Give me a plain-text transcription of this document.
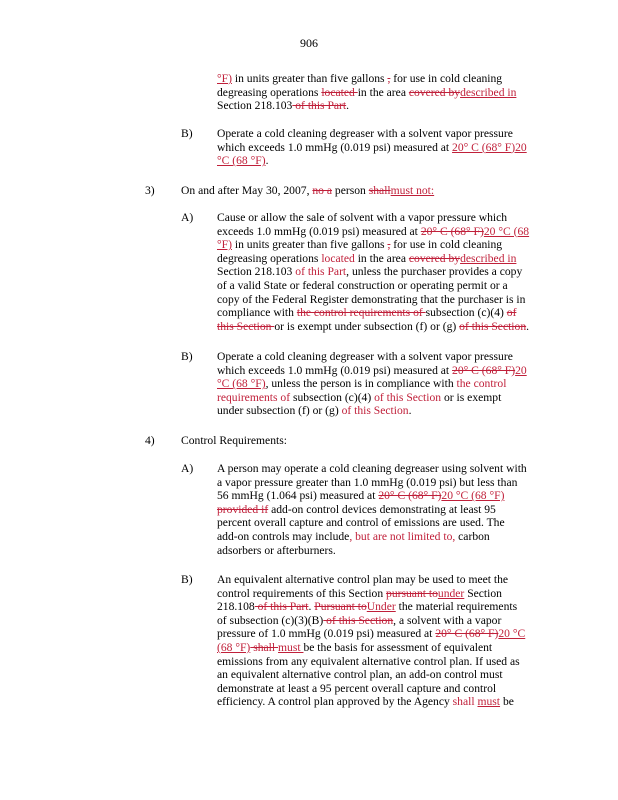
906
°F) in units greater than five gallons , for use in cold cleaning
degreasing operations located in the area covered bydescribed in
Section 218.103 of this Part.
B) Operate a cold cleaning degreaser with a solvent vapor pressure
which exceeds 1.0 mmHg (0.019 psi) measured at 20° C (68° F)20
°C (68 °F).
3) On and after May 30, 2007, no a person shallmust not:
A) Cause or allow the sale of solvent with a vapor pressure which
exceeds 1.0 mmHg (0.019 psi) measured at 20° C (68° F)20 °C (68
°F) in units greater than five gallons , for use in cold cleaning
degreasing operations located in the area covered bydescribed in
Section 218.103 of this Part, unless the purchaser provides a copy
of a valid State or federal construction or operating permit or a
copy of the Federal Register demonstrating that the purchaser is in
compliance with the control requirements of subsection (c)(4) of
this Section or is exempt under subsection (f) or (g) of this Section.
B) Operate a cold cleaning degreaser with a solvent vapor pressure
which exceeds 1.0 mmHg (0.019 psi) measured at 20° C (68° F)20
°C (68 °F), unless the person is in compliance with the control
requirements of subsection (c)(4) of this Section or is exempt
under subsection (f) or (g) of this Section.
4) Control Requirements:
A) A person may operate a cold cleaning degreaser using solvent with
a vapor pressure greater than 1.0 mmHg (0.019 psi) but less than
56 mmHg (1.064 psi) measured at 20° C (68° F)20 °C (68 °F)
provided if add-on control devices demonstrating at least 95
percent overall capture and control of emissions are used. The
add-on controls may include, but are not limited to, carbon
adsorbers or afterburners.
B) An equivalent alternative control plan may be used to meet the
control requirements of this Section pursuant tounder Section
218.108 of this Part. Pursuant toUnder the material requirements
of subsection (c)(3)(B) of this Section, a solvent with a vapor
pressure of 1.0 mmHg (0.019 psi) measured at 20° C (68° F)20 °C
(68 °F) shall must be the basis for assessment of equivalent
emissions from any equivalent alternative control plan. If used as
an equivalent alternative control plan, an add-on control must
demonstrate at least a 95 percent overall capture and control
efficiency. A control plan approved by the Agency shall must be
